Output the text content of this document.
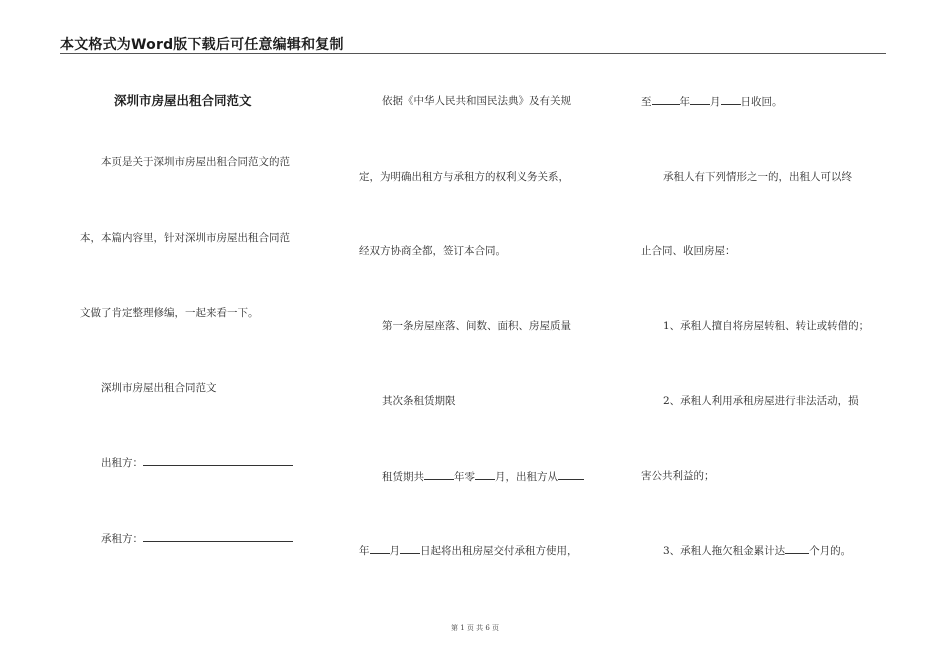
本文格式为Word版下载后可任意编辑和复制
深圳市房屋出租合同范文
本页是关于深圳市房屋出租合同范文的范
本，本篇内容里，针对深圳市房屋出租合同范
文做了肯定整理修编，一起来看一下。
深圳市房屋出租合同范文
出租方：
承租方：
依据《中华人民共和国民法典》及有关规
定，为明确出租方与承租方的权利义务关系，
经双方协商全都，签订本合同。
第一条房屋座落、间数、面积、房屋质量
其次条租赁期限
租赁期共	年零 月，出租方从
年 月 日起将出租房屋交付承租方使用，
至	年 月 日收回。
承租人有下列情形之一的，出租人可以终
止合同、收回房屋：
1、承租人擅自将房屋转租、转让或转借的；
2、承租人利用承租房屋进行非法活动，损
害公共利益的；
3、承租人拖欠租金累计达 个月的。
第 1 页 共 6 页
